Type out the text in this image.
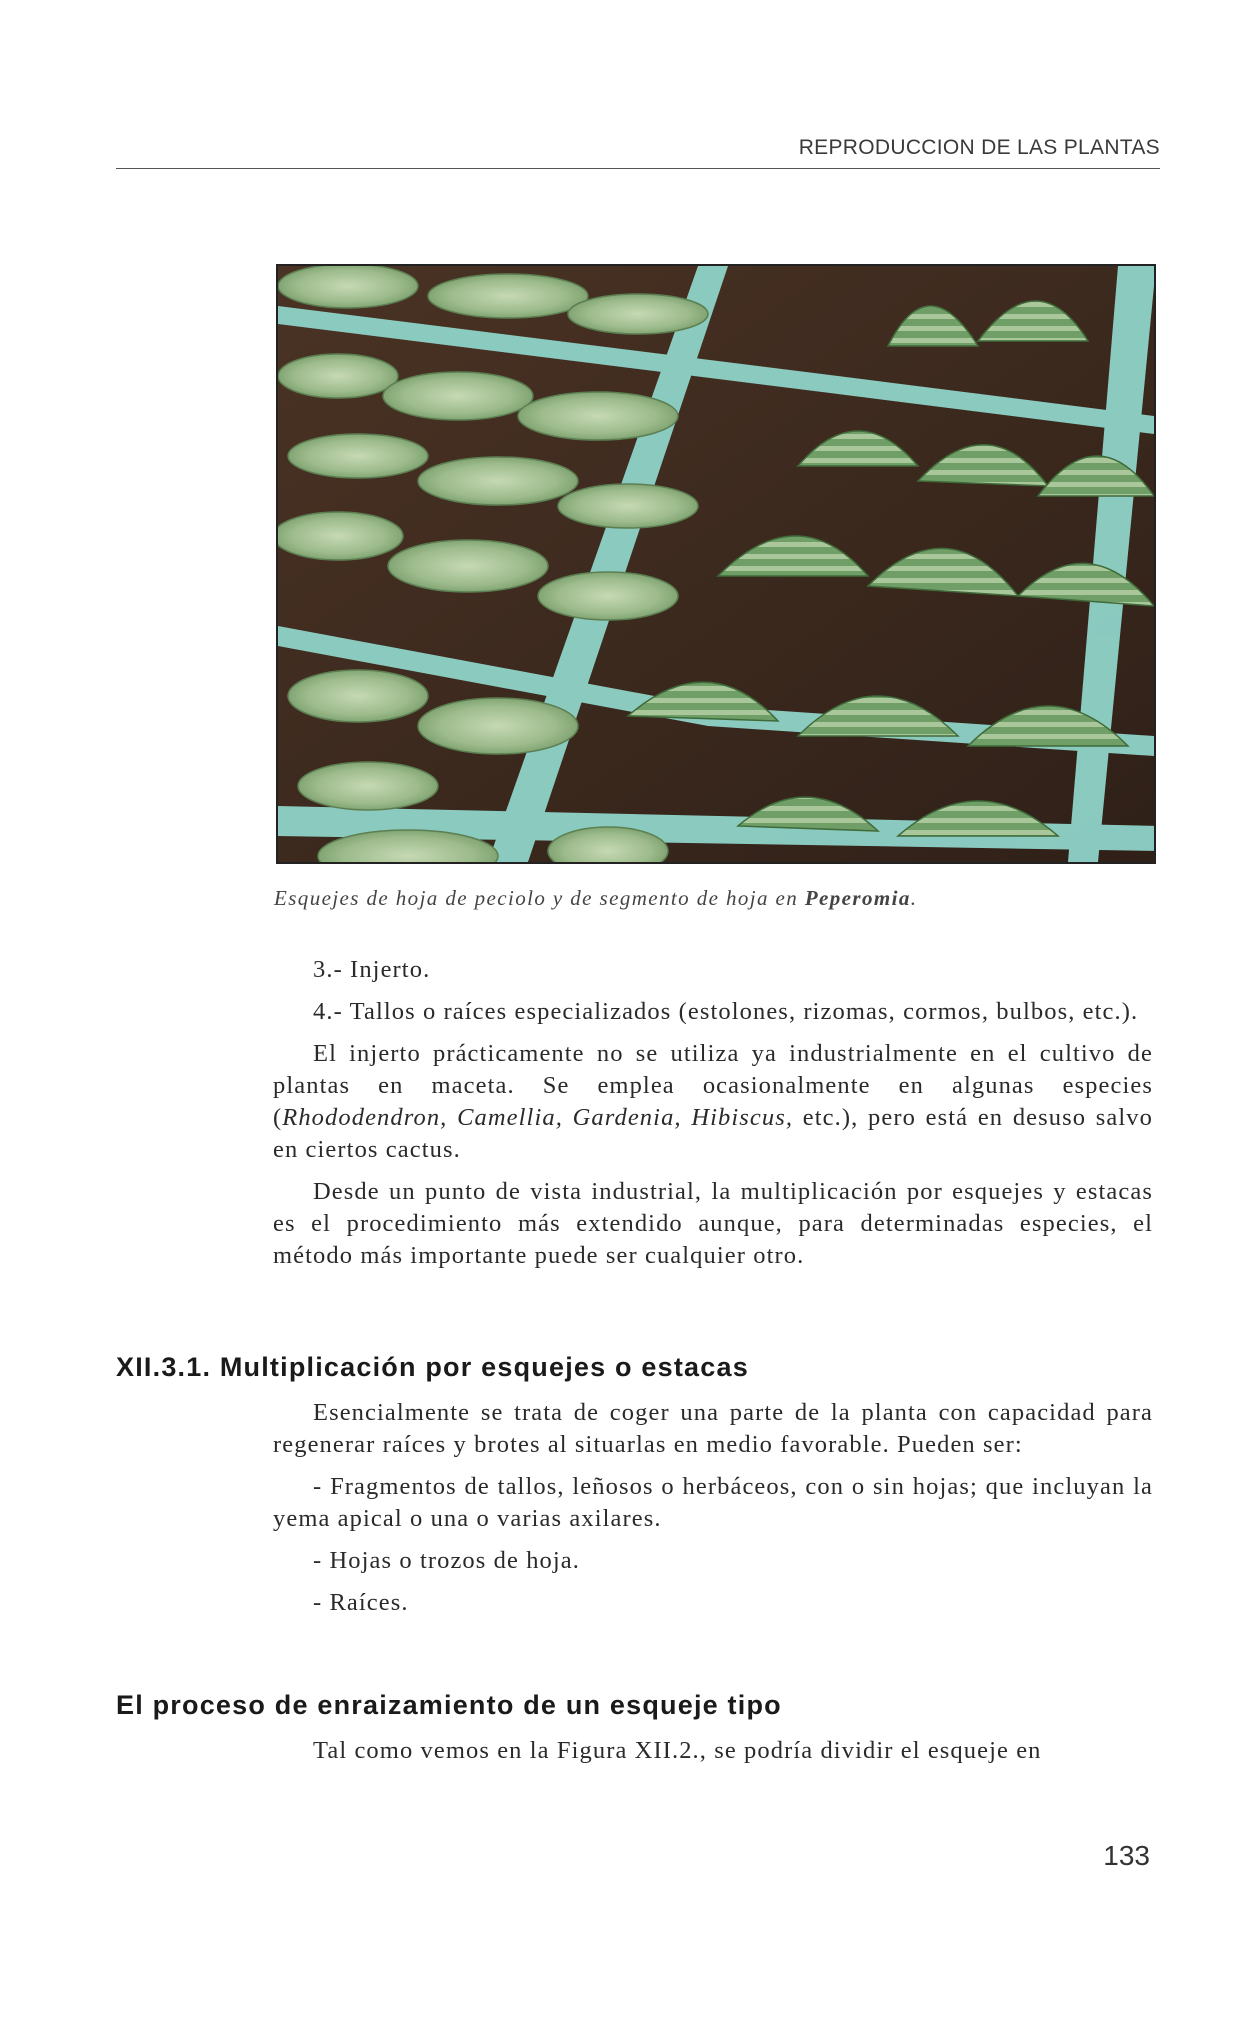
REPRODUCCION DE LAS PLANTAS
Esquejes de hoja de peciolo y de segmento de hoja en Peperomia.

3.- Injerto.

4.- Tallos o raíces especializados (estolones, rizomas, cormos, bulbos, etc.).

El injerto prácticamente no se utiliza ya industrialmente en el cultivo de plantas en maceta. Se emplea ocasionalmente en algunas especies (Rhododendron, Camellia, Gardenia, Hibiscus, etc.), pero está en desuso salvo en ciertos cactus.

Desde un punto de vista industrial, la multiplicación por esquejes y estacas es el procedimiento más extendido aunque, para determinadas especies, el método más importante puede ser cualquier otro.

XII.3.1. Multiplicación por esquejes o estacas

Esencialmente se trata de coger una parte de la planta con capacidad para regenerar raíces y brotes al situarlas en medio favorable. Pueden ser:

- Fragmentos de tallos, leñosos o herbáceos, con o sin hojas; que incluyan la yema apical o una o varias axilares.

- Hojas o trozos de hoja.

- Raíces.

El proceso de enraizamiento de un esqueje tipo

Tal como vemos en la Figura XII.2., se podría dividir el esqueje en

133
